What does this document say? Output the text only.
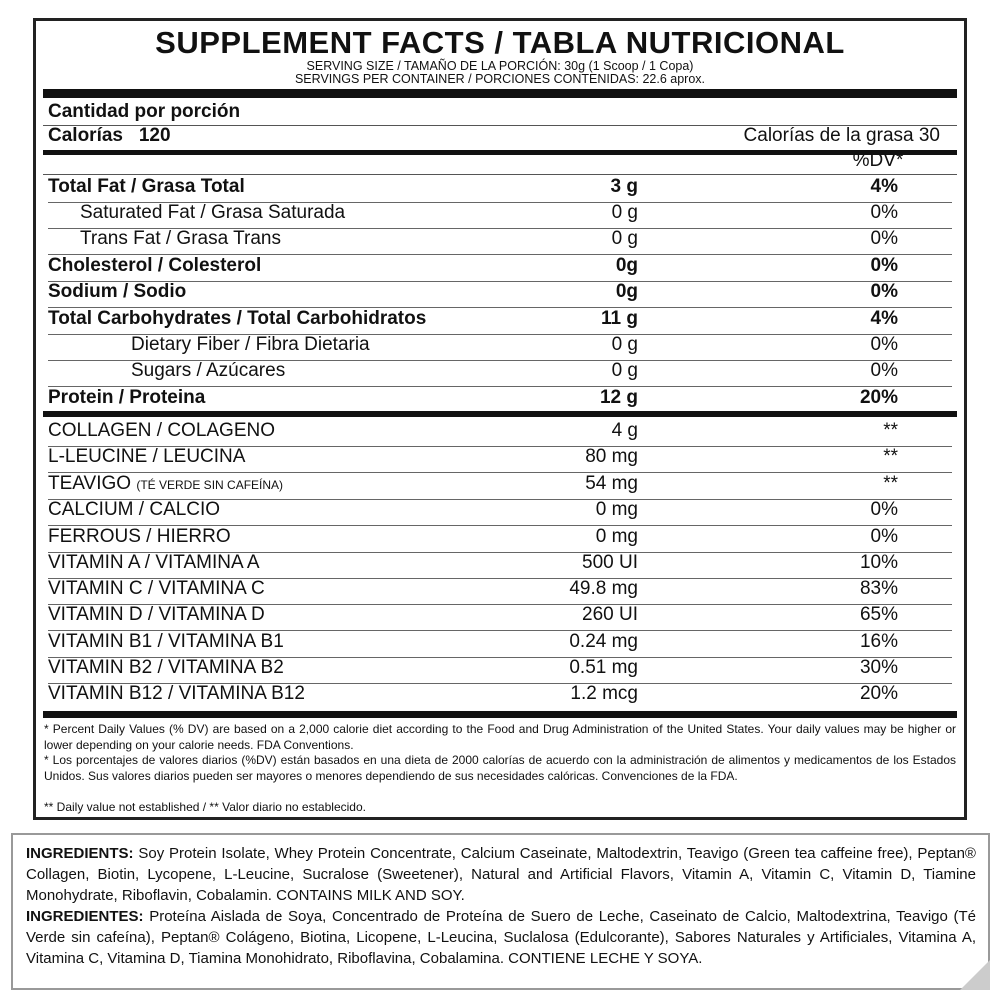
SUPPLEMENT FACTS / TABLA NUTRICIONAL
SERVING SIZE / TAMAÑO DE LA PORCIÓN: 30g (1 Scoop / 1 Copa)
SERVINGS PER CONTAINER / PORCIONES CONTENIDAS: 22.6 aprox.
Cantidad por porción
Calorías   120	Calorías de la grasa 30
%DV*
Total Fat / Grasa Total	3 g	4%
Saturated Fat / Grasa Saturada	0 g	0%
Trans Fat / Grasa Trans	0 g	0%
Cholesterol / Colesterol	0g	0%
Sodium / Sodio	0g	0%
Total Carbohydrates / Total Carbohidratos	11 g	4%
Dietary Fiber / Fibra Dietaria	0 g	0%
Sugars / Azúcares	0 g	0%
Protein / Proteina	12 g	20%
COLLAGEN / COLAGENO	4 g	**
L-LEUCINE / LEUCINA	80 mg	**
TEAVIGO (TÉ VERDE SIN CAFEÍNA)	54 mg	**
CALCIUM / CALCIO	0 mg	0%
FERROUS / HIERRO	0 mg	0%
VITAMIN A / VITAMINA A	500 UI	10%
VITAMIN C / VITAMINA C	49.8 mg	83%
VITAMIN D / VITAMINA D	260 UI	65%
VITAMIN B1 / VITAMINA B1	0.24 mg	16%
VITAMIN B2 / VITAMINA B2	0.51 mg	30%
VITAMIN B12 / VITAMINA B12	1.2 mcg	20%
* Percent Daily Values (% DV) are based on a 2,000 calorie diet according to the Food and Drug Administration of the United States. Your daily values may be higher or lower depending on your calorie needs. FDA Conventions.
* Los porcentajes de valores diarios (%DV) están basados en una dieta de 2000 calorías de acuerdo con la administración de alimentos y medicamentos de los Estados Unidos. Sus valores diarios pueden ser mayores o menores dependiendo de sus necesidades calóricas. Convenciones de la FDA.
** Daily value not established / ** Valor diario no establecido.
INGREDIENTS: Soy Protein Isolate, Whey Protein Concentrate, Calcium Caseinate, Maltodextrin, Teavigo (Green tea caffeine free), Peptan® Collagen, Biotin, Lycopene, L-Leucine, Sucralose (Sweetener), Natural and Artificial Flavors, Vitamin A, Vitamin C, Vitamin D, Tiamine Monohydrate, Riboflavin, Cobalamin. CONTAINS MILK AND SOY.
INGREDIENTES: Proteína Aislada de Soya, Concentrado de Proteína de Suero de Leche, Caseinato de Calcio, Maltodextrina, Teavigo (Té Verde sin cafeína), Peptan® Colágeno, Biotina, Licopene, L-Leucina, Suclalosa (Edulcorante), Sabores Naturales y Artificiales, Vitamina A, Vitamina C, Vitamina D, Tiamina Monohidrato, Riboflavina, Cobalamina. CONTIENE LECHE Y SOYA.
